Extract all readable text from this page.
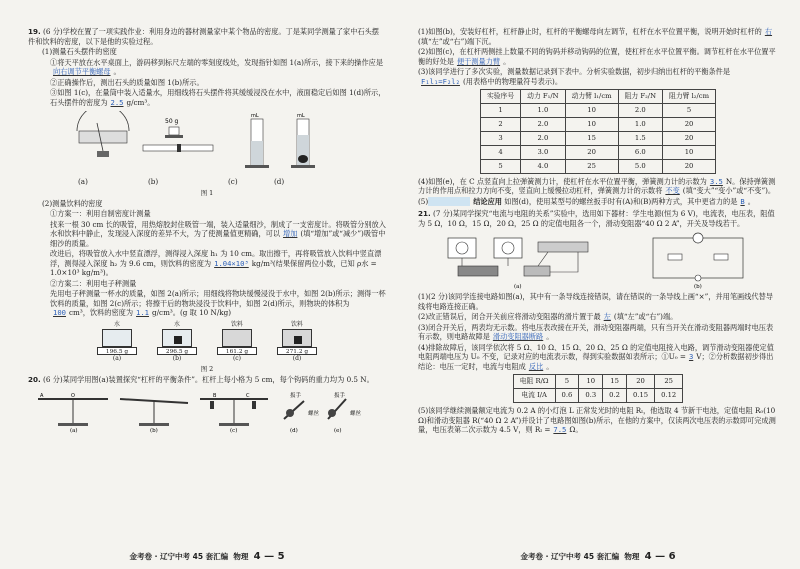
19. (6 分)学校在置了一项实践作业：利用身边的器材测量家中某个物品的密度。丁是某同学测量了家中石头摆件和饮料的密度，以下是他的实验过程。

(1)测量石头摆件的密度

①将天平放在水平桌面上，游码移到标尺左端的零刻度线处，发现指针如图 1(a)所示，接下来的操作应是向右调节平衡螺母 。

②正确操作后，测出石头的质量如图 1(b)所示。

③如图 1(c)，在量筒中装入适量水，用细线将石头摆件将其缓缓浸没在水中，液面稳定后如图 1(d)所示，石头摆件的密度为 2.5 g/cm³。

50 g
mL	mL
(a)	(b)	(c)	(d)
图 1

(2)测量饮料的密度

①方案一：利用自制密度计测量

找来一根 30 cm 长的吸管，用热熔胶封住吸管一端，装入适量细沙，制成了一支密度计。将吸管分别放入水和饮料中静止，发现浸入深度的差异不大，为了使测量值更精确，可以 增加 (填“增加”或“减少”)吸管中细沙的质量。

改进后，将吸管放入水中竖直漂浮，测得浸入深度 h₁ 为 10 cm。取出擦干，再将吸管放入饮料中竖直漂浮，测得浸入深度 h₂ 为 9.6 cm，则饮料的密度为 1.04×10³ kg/m³(结果保留两位小数，已知 ρ水 = 1.0×10³ kg/m³)。

②方案二：利用电子秤测量

先用电子秤测量一杯水的质量，如图 2(a)所示；用细线将物块缓慢浸没于水中，如图 2(b)所示；测得一杯饮料的质量，如图 2(c)所示；将擦干后的物块浸没于饮料中，如图 2(d)所示，则物块的体积为100 cm³，饮料的密度为 1.1 g/cm³。(g 取 10 N/kg)

水
196.5 g
(a)
水
296.5 g
(b)
饮料
161.2 g
(c)
饮料
271.2 g
(d)
图 2

20. (6 分)某同学用图(a)装置探究“杠杆的平衡条件”。杠杆上每小格为 5 cm，每个钩码的重力均为 0.5 N。

A	O
(a)	(b)
B	C
(c)
扳手
螺丝
(d)
扳手
螺丝
(e)
金考卷 · 辽宁中考 45 套汇编 物理 4 — 5

(1)如图(b)，安装好杠杆，杠杆静止时，杠杆的平衡螺母向左调节，杠杆在水平位置平衡，说明开始时杠杆的 右(填“左”或“右”)端下沉。

(2)如图(c)，在杠杆两侧挂上数量不同的钩码并移动钩码的位置，使杠杆在水平位置平衡。调节杠杆在水平位置平衡的好处是 便于测量力臂 。

(3)该同学进行了多次实验，测量数据记录到下表中。分析实验数据，初步归纳出杠杆的平衡条件是F₁l₁=F₂l₂ (用表格中的物理量符号表示)。

实验序号	动力 F₁/N	动力臂 l₁/cm	阻力 F₂/N	阻力臂 l₂/cm
1	1.0	10	2.0	5
2	2.0	10	1.0	20
3	2.0	15	1.5	20
4	3.0	20	6.0	10
5	4.0	25	5.0	20

(4)如图(e)，在 C 点竖直向上拉弹簧测力计，使杠杆在水平位置平衡，弹簧测力计的示数为 3.5 N。保持弹簧测力计的作用点和拉力方向不变，竖直向上缓慢拉动杠杆，弹簧测力计的示数将 不变 (填“变大”“变小”或“不变”)。

(5)	结论应用 如图(d)，使用某型号的螺丝扳手时有(A)和(B)两种方式，其中更省力的是 B 。

21. (7 分)某同学探究“电流与电阻的关系”实验中，选用如下器材：学生电源(恒为 6 V)，电流表，电压表，阻值为 5 Ω，10 Ω，15 Ω，20 Ω，25 Ω 的定值电阻各一个，滑动变阻器“40 Ω 2 A”，开关及导线若干。

(a)	(b)

(1)(2 分)该同学连接电路如图(a)，其中有一条导线连接错误，请在错误的一条导线上画“×”，并用笔画线代替导线将电路连接正确。

(2)改正错误后，闭合开关前应将滑动变阻器的滑片置于最 左 (填“左”或“右”)端。

(3)闭合开关后，两表均无示数。将电压表改接在开关，滑动变阻器两端，只有当开关在滑动变阻器两端时电压表有示数，则电路故障是 滑动变阻器断路 。

(4)排除故障后，该同学依次将 5 Ω、10 Ω、15 Ω、20 Ω、25 Ω 的定值电阻接入电路，调节滑动变阻器使定值电阻两端电压为 U₀ 不变，记录对应的电流表示数，得到实验数据如表所示；①U₀ = 3 V；②分析数据初步得出结论：电压一定时，电流与电阻成 反比 。

电阻 R/Ω	5	10	15	20	25
电流 I/A	0.6	0.3	0.2	0.15	0.12

(5)该同学继续测量额定电流为 0.2 A 的小灯泡 L 正常发光时的电阻 Rₗ，他选取 4 节新干电池，定值电阻 R₀(10 Ω)和滑动变阻器 R(“40 Ω 2 A”)并设计了电路图如图(b)所示，在他的方案中，仅读两次电压表的示数即可完成测量，电压表第二次示数为 4.5 V，则 Rₗ = 7.5 Ω。

金考卷 · 辽宁中考 45 套汇编 物理 4 — 6
